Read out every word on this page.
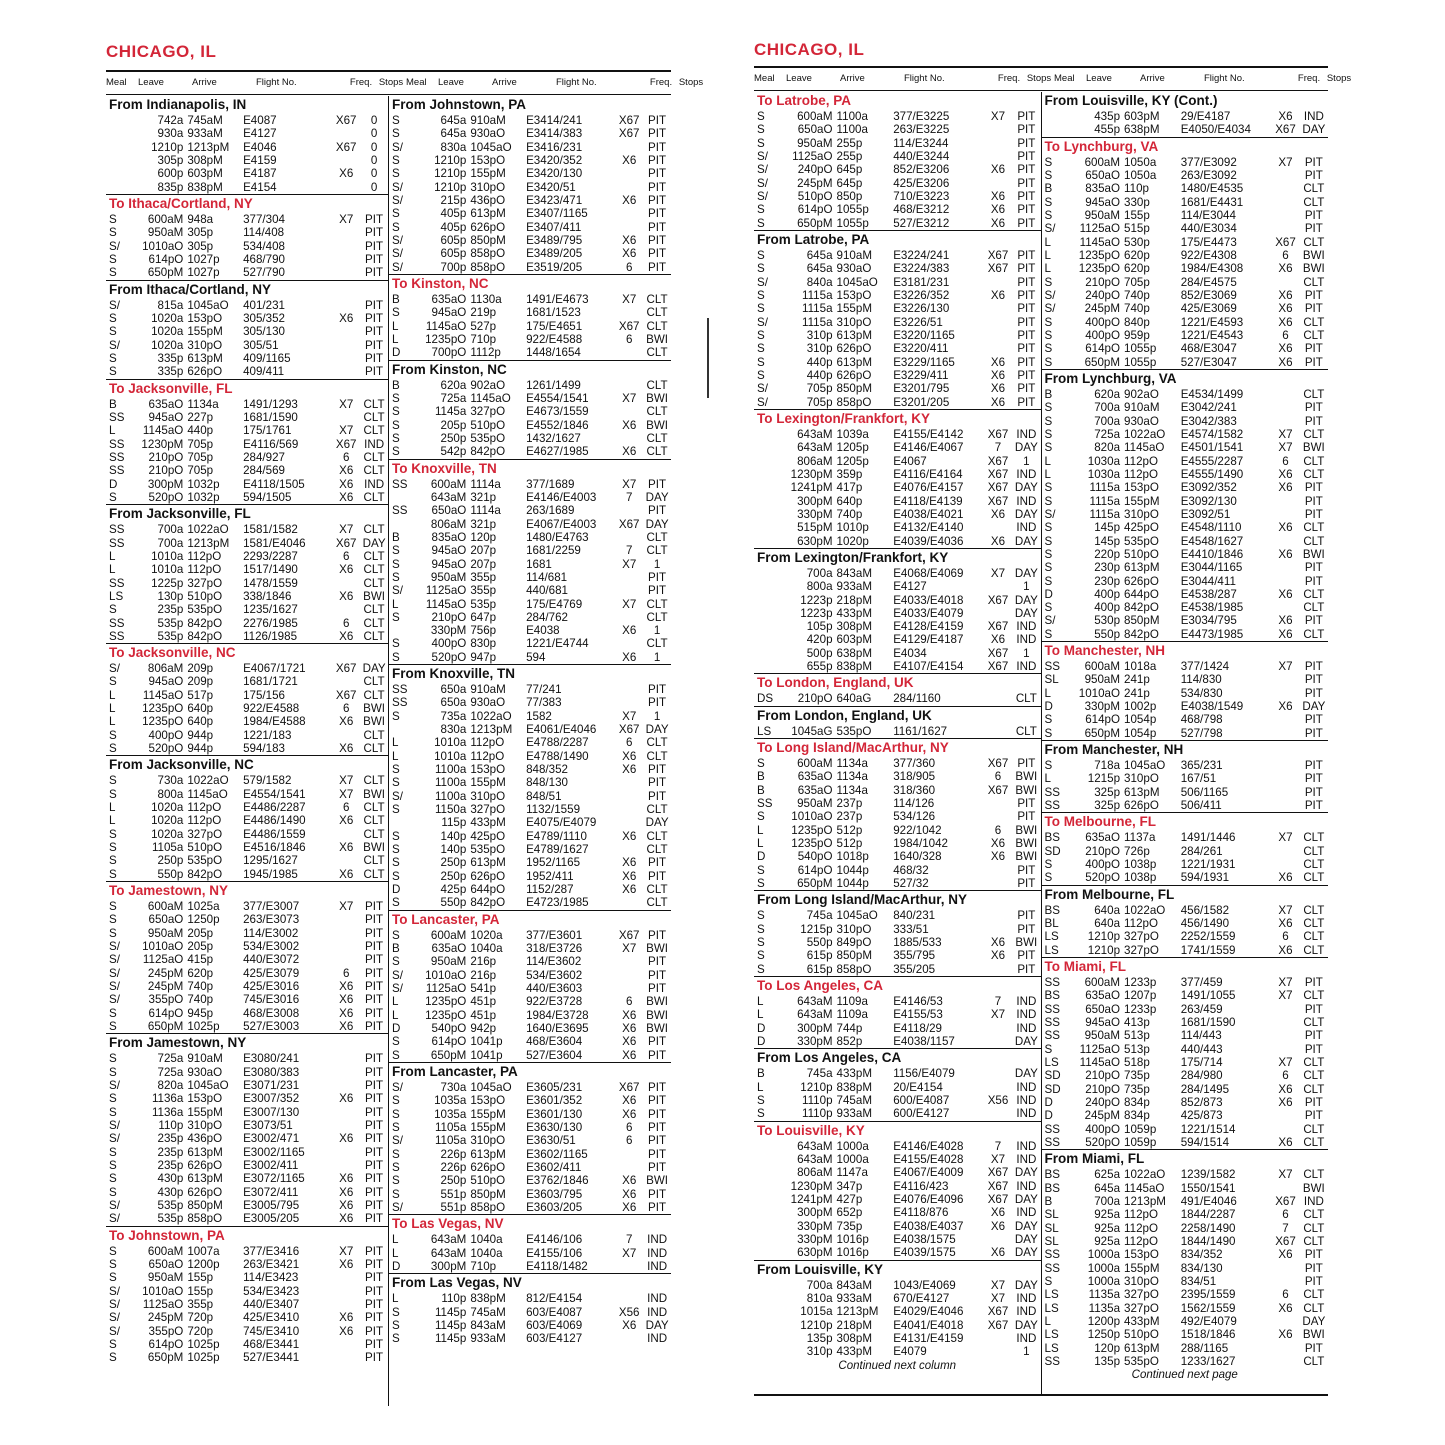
CHICAGO, IL
Meal	Leave	Arrive	Flight No.	Freq. Stops Meal	Leave	Arrive	Flight No.	Freq. Stops
From Indianapolis, IN
742a 745aM	E4087	X67	0
930a 933aM	E4127	0
1210p 1213pM	E4046	X67	0
305p 308pM	E4159	0
600p 603pM	E4187	X6	0
835p 838pM	E4154	0
To Ithaca/Cortland, NY
S	600aM 948a	377/304	X7	PIT
S	950aM 305p	114/408	PIT
S/	1010aO 305p	534/408	PIT
S	614pO 1027p	468/790	PIT
S	650pM 1027p	527/790	PIT
From Ithaca/Cortland, NY
S/	815a 1045aO	401/231	PIT
S	1020a 153pO	305/352	X6	PIT
S	1020a 155pM	305/130	PIT
S/	1020a 310pO	305/51	PIT
S	335p 613pM	409/1165	PIT
S	335p 626pO	409/411	PIT
To Jacksonville, FL
B	635aO 1134a	1491/1293	X7 CLT
SS	945aO 227p	1681/1590	CLT
L	1145aO 440p	175/1761	X7 CLT
SS	1230pM 705p	E4116/569	X67 IND
SS	210pO 705p	284/927	6	CLT
SS	210pO 705p	284/569	X6 CLT
D	300pM 1032p	E4118/1505	X6 IND
S	520pO 1032p	594/1505	X6 CLT
From Jacksonville, FL
SS	700a 1022aO	1581/1582	X7 CLT
SS	700a 1213pM	1581/E4046	X67 DAY
L	1010a 112pO	2293/2287	6	CLT
L	1010a 112pO	1517/1490	X6 CLT
SS	1225p 327pO	1478/1559	CLT
LS	130p 510pO	338/1846	X6 BWI
S	235p 535pO	1235/1627	CLT
SS	535p 842pO	2276/1985	6	CLT
SS	535p 842pO	1126/1985	X6 CLT
To Jacksonville, NC
S/	806aM 209p	E4067/1721	X67 DAY
S	945aO 209p	1681/1721	CLT
L	1145aO 517p	175/156	X67 CLT
L	1235pO 640p	922/E4588	6	BWI
L	1235pO 640p	1984/E4588	X6 BWI
S	400pO 944p	1221/183	CLT
S	520pO 944p	594/183	X6 CLT
From Jacksonville, NC
S	730a 1022aO	579/1582	X7 CLT
S	800a 1145aO	E4554/1541	X7 BWI
L	1020a 112pO	E4486/2287	6	CLT
L	1020a 112pO	E4486/1490	X6 CLT
S	1020a 327pO	E4486/1559	CLT
S	1105a 510pO	E4516/1846	X6 BWI
S	250p 535pO	1295/1627	CLT
S	550p 842pO	1945/1985	X6 CLT
To Jamestown, NY
S	600aM 1025a	377/E3007	X7	PIT
S	650aO 1250p	263/E3073	PIT
S	950aM 205p	114/E3002	PIT
S/	1010aO 205p	534/E3002	PIT
S/	1125aO 415p	440/E3072	PIT
S/	245pM 620p	425/E3079	6	PIT
S/	245pM 740p	425/E3016	X6	PIT
S/	355pO 740p	745/E3016	X6	PIT
S	614pO 945p	468/E3008	X6	PIT
S	650pM 1025p	527/E3003	X6	PIT
From Jamestown, NY
S	725a 910aM	E3080/241	PIT
S	725a 930aO	E3080/383	PIT
S/	820a 1045aO	E3071/231	PIT
S	1136a 153pO	E3007/352	X6	PIT
S	1136a 155pM	E3007/130	PIT
S/	110p 310pO	E3073/51	PIT
S/	235p 436pO	E3002/471	X6	PIT
S	235p 613pM	E3002/1165	PIT
S	235p 626pO	E3002/411	PIT
S	430p 613pM	E3072/1165	X6	PIT
S	430p 626pO	E3072/411	X6	PIT
S/	535p 850pM	E3005/795	X6	PIT
S/	535p 858pO	E3005/205	X6	PIT
To Johnstown, PA
S	600aM 1007a	377/E3416	X7	PIT
S	650aO 1200p	263/E3421	X6	PIT
S	950aM 155p	114/E3423	PIT
S/	1010aO 155p	534/E3423	PIT
S/	1125aO 355p	440/E3407	PIT
S/	245pM 720p	425/E3410	X6	PIT
S/	355pO 720p	745/E3410	X6	PIT
S	614pO 1025p	468/E3441	PIT
S	650pM 1025p	527/E3441	PIT
From Johnstown, PA
S	645a 910aM	E3414/241	X67 PIT
S	645a 930aO	E3414/383	X67 PIT
S/	830a 1045aO	E3416/231	PIT
S	1210p 153pO	E3420/352	X6	PIT
S	1210p 155pM	E3420/130	PIT
S/	1210p 310pO	E3420/51	PIT
S/	215p 436pO	E3423/471	X6	PIT
S	405p 613pM	E3407/1165	PIT
S	405p 626pO	E3407/411	PIT
S/	605p 850pM	E3489/795	X6	PIT
S/	605p 858pO	E3489/205	X6	PIT
S/	700p 858pO	E3519/205	6	PIT
To Kinston, NC
B	635aO 1130a	1491/E4673	X7 CLT
S	945aO 219p	1681/1523	CLT
L	1145aO 527p	175/E4651	X67 CLT
L	1235pO 710p	922/E4588	6	BWI
D	700pO 1112p	1448/1654	CLT
From Kinston, NC
B	620a 902aO	1261/1499	CLT
S	725a 1145aO	E4554/1541	X7 BWI
S	1145a 327pO	E4673/1559	CLT
S	205p 510pO	E4552/1846	X6 BWI
S	250p 535pO	1432/1627	CLT
S	542p 842pO	E4627/1985	X6 CLT
To Knoxville, TN
SS	600aM 1114a	377/1689	X7	PIT
643aM 321p	E4146/E4003	7	DAY
SS	650aO 1114a	263/1689	PIT
806aM 321p	E4067/E4003	X67 DAY
B	835aO 120p	1480/E4763	CLT
S	945aO 207p	1681/2259	7	CLT
S	945aO 207p	1681	X7	1
S	950aM 355p	114/681	PIT
S/	1125aO 355p	440/681	PIT
L	1145aO 535p	175/E4769	X7 CLT
S	210pO 647p	284/762	CLT
330pM 756p	E4038	X6	1
S	400pO 830p	1221/E4744	CLT
S	520pO 947p	594	X6	1
From Knoxville, TN
SS	650a 910aM	77/241	PIT
SS	650a 930aO	77/383	PIT
S	735a 1022aO	1582	X7	1
830a 1213pM	E4061/E4046	X67 DAY
L	1010a 112pO	E4788/2287	6	CLT
L	1010a 112pO	E4788/1490	X6 CLT
S	1100a 153pO	848/352	X6	PIT
S	1100a 155pM	848/130	PIT
S/	1100a 310pO	848/51	PIT
S	1150a 327pO	1132/1559	CLT
115p 433pM	E4075/E4079	DAY
S	140p 425pO	E4789/1110	X6 CLT
S	140p 535pO	E4789/1627	CLT
S	250p 613pM	1952/1165	X6	PIT
S	250p 626pO	1952/411	X6	PIT
D	425p 644pO	1152/287	X6 CLT
S	550p 842pO	E4723/1985	CLT
To Lancaster, PA
S	600aM 1020a	377/E3601	X67 PIT
B	635aO 1040a	318/E3726	X7 BWI
S	950aM 216p	114/E3602	PIT
S/	1010aO 216p	534/E3602	PIT
S/	1125aO 541p	440/E3603	PIT
L	1235pO 451p	922/E3728	6	BWI
L	1235pO 451p	1984/E3728	X6 BWI
D	540pO 942p	1640/E3695	X6 BWI
S	614pO 1041p	468/E3604	X6	PIT
S	650pM 1041p	527/E3604	X6	PIT
From Lancaster, PA
S/	730a 1045aO	E3605/231	X67 PIT
S	1035a 153pO	E3601/352	X6	PIT
S	1035a 155pM	E3601/130	X6	PIT
S	1105a 155pM	E3630/130	6	PIT
S/	1105a 310pO	E3630/51	6	PIT
S	226p 613pM	E3602/1165	PIT
S	226p 626pO	E3602/411	PIT
S	250p 510pO	E3762/1846	X6 BWI
S	551p 850pM	E3603/795	X6	PIT
S/	551p 858pO	E3603/205	X6	PIT
To Las Vegas, NV
L	643aM 1040a	E4146/106	7	IND
L	643aM 1040a	E4155/106	X7 IND
D	300pM 710p	E4118/1482	IND
From Las Vegas, NV
L	110p 838pM	812/E4154	IND
S	1145p 745aM	603/E4087	X56 IND
S	1145p 843aM	603/E4069	X6 DAY
S	1145p 933aM	603/E4127	IND
CHICAGO, IL
Meal	Leave	Arrive	Flight No.	Freq. Stops Meal	Leave	Arrive	Flight No.	Freq. Stops
To Latrobe, PA
S	600aM 1100a	377/E3225	X7	PIT
S	650aO 1100a	263/E3225	PIT
S	950aM 255p	114/E3244	PIT
S/	1125aO 255p	440/E3244	PIT
S/	240pO 645p	852/E3206	X6	PIT
S/	245pM 645p	425/E3206	PIT
S/	510pO 850p	710/E3223	X6	PIT
S	614pO 1055p	468/E3212	X6	PIT
S	650pM 1055p	527/E3212	X6	PIT
From Latrobe, PA
S	645a 910aM	E3224/241	X67 PIT
S	645a 930aO	E3224/383	X67 PIT
S/	840a 1045aO	E3181/231	PIT
S	1115a 153pO	E3226/352	X6	PIT
S	1115a 155pM	E3226/130	PIT
S/	1115a 310pO	E3226/51	PIT
S	310p 613pM	E3220/1165	PIT
S	310p 626pO	E3220/411	PIT
S	440p 613pM	E3229/1165	X6	PIT
S	440p 626pO	E3229/411	X6	PIT
S/	705p 850pM	E3201/795	X6	PIT
S/	705p 858pO	E3201/205	X6	PIT
To Lexington/Frankfort, KY
643aM 1039a	E4155/E4142	X67 IND
643aM 1205p	E4146/E4067	7	DAY
806aM 1205p	E4067	X67	1
1230pM 359p	E4116/E4164	X67 IND
1241pM 417p	E4076/E4157	X67 DAY
300pM 640p	E4118/E4139	X67 IND
330pM 740p	E4038/E4021	X6 DAY
515pM 1010p	E4132/E4140	IND
630pM 1020p	E4039/E4036	X6 DAY
From Lexington/Frankfort, KY
700a 843aM	E4068/E4069	X7 DAY
800a 933aM	E4127	1
1223p 218pM	E4033/E4018	X67 DAY
1223p 433pM	E4033/E4079	DAY
105p 308pM	E4128/E4159	X67 IND
420p 603pM	E4129/E4187	X6 IND
500p 638pM	E4034	X67	1
655p 838pM	E4107/E4154	X67 IND
To London, England, UK
DS	210pO 640aG	284/1160	CLT
From London, England, UK
LS	1045aG 535pO	1161/1627	CLT
To Long Island/MacArthur, NY
S	600aM 1134a	377/360	X67 PIT
B	635aO 1134a	318/905	6	BWI
B	635aO 1134a	318/360	X67 BWI
SS	950aM 237p	114/126	PIT
S	1010aO 237p	534/126	PIT
L	1235pO 512p	922/1042	6	BWI
L	1235pO 512p	1984/1042	X6 BWI
D	540pO 1018p	1640/328	X6 BWI
S	614pO 1044p	468/32	PIT
S	650pM 1044p	527/32	PIT
From Long Island/MacArthur, NY
S	745a 1045aO	840/231	PIT
S	1215p 310pO	333/51	PIT
S	550p 849pO	1885/533	X6 BWI
S	615p 850pM	355/795	X6	PIT
S	615p 858pO	355/205	PIT
To Los Angeles, CA
L	643aM 1109a	E4146/53	7	IND
L	643aM 1109a	E4155/53	X7 IND
D	300pM 744p	E4118/29	IND
D	330pM 852p	E4038/1157	DAY
From Los Angeles, CA
B	745a 433pM	1156/E4079	DAY
L	1210p 838pM	20/E4154	IND
S	1110p 745aM	600/E4087	X56 IND
S	1110p 933aM	600/E4127	IND
To Louisville, KY
643aM 1000a	E4146/E4028	7	IND
643aM 1000a	E4155/E4028	X7 IND
806aM 1147a	E4067/E4009	X67 DAY
1230pM 347p	E4116/423	X67 IND
1241pM 427p	E4076/E4096	X67 DAY
300pM 652p	E4118/876	X6 IND
330pM 735p	E4038/E4037	X6 DAY
330pM 1016p	E4038/1575	DAY
630pM 1016p	E4039/1575	X6 DAY
From Louisville, KY
700a 843aM	1043/E4069	X7 DAY
810a 933aM	670/E4127	X7 IND
1015a 1213pM	E4029/E4046	X67 IND
1210p 218pM	E4041/E4018	X67 DAY
135p 308pM	E4131/E4159	IND
310p 433pM	E4079	1
Continued next column
From Louisville, KY (Cont.)
435p 603pM	29/E4187	X6 IND
455p 638pM	E4050/E4034	X67 DAY
To Lynchburg, VA
S	600aM 1050a	377/E3092	X7	PIT
S	650aO 1050a	263/E3092	PIT
B	835aO 110p	1480/E4535	CLT
S	945aO 330p	1681/E4431	CLT
S	950aM 155p	114/E3044	PIT
S/	1125aO 515p	440/E3034	PIT
L	1145aO 530p	175/E4473	X67 CLT
L	1235pO 620p	922/E4308	6	BWI
L	1235pO 620p	1984/E4308	X6 BWI
S	210pO 705p	284/E4575	CLT
S/	240pO 740p	852/E3069	X6	PIT
S/	245pM 740p	425/E3069	X6	PIT
S	400pO 840p	1221/E4593	X6 CLT
S	400pO 959p	1221/E4543	6	CLT
S	614pO 1055p	468/E3047	X6	PIT
S	650pM 1055p	527/E3047	X6	PIT
From Lynchburg, VA
B	620a 902aO	E4534/1499	CLT
S	700a 910aM	E3042/241	PIT
S	700a 930aO	E3042/383	PIT
S	725a 1022aO	E4574/1582	X7 CLT
S	820a 1145aO	E4501/1541	X7 BWI
L	1030a 112pO	E4555/2287	6	CLT
L	1030a 112pO	E4555/1490	X6 CLT
S	1115a 153pO	E3092/352	X6	PIT
S	1115a 155pM	E3092/130	PIT
S/	1115a 310pO	E3092/51	PIT
S	145p 425pO	E4548/1110	X6 CLT
S	145p 535pO	E4548/1627	CLT
S	220p 510pO	E4410/1846	X6 BWI
S	230p 613pM	E3044/1165	PIT
S	230p 626pO	E3044/411	PIT
D	400p 644pO	E4538/287	X6 CLT
S	400p 842pO	E4538/1985	CLT
S/	530p 850pM	E3034/795	X6	PIT
S	550p 842pO	E4473/1985	X6 CLT
To Manchester, NH
SS	600aM 1018a	377/1424	X7	PIT
SL	950aM 241p	114/830	PIT
L	1010aO 241p	534/830	PIT
D	330pM 1002p	E4038/1549	X6 DAY
S	614pO 1054p	468/798	PIT
S	650pM 1054p	527/798	PIT
From Manchester, NH
S	718a 1045aO	365/231	PIT
L	1215p 310pO	167/51	PIT
SS	325p 613pM	506/1165	PIT
SS	325p 626pO	506/411	PIT
To Melbourne, FL
BS	635aO 1137a	1491/1446	X7 CLT
SD	210pO 726p	284/261	CLT
S	400pO 1038p	1221/1931	CLT
S	520pO 1038p	594/1931	X6 CLT
From Melbourne, FL
BS	640a 1022aO	456/1582	X7 CLT
BL	640a 112pO	456/1490	X6 CLT
LS	1210p 327pO	2252/1559	6	CLT
LS	1210p 327pO	1741/1559	X6 CLT
To Miami, FL
SS	600aM 1233p	377/459	X7	PIT
BS	635aO 1207p	1491/1055	X7 CLT
SS	650aO 1233p	263/459	PIT
SS	945aO 413p	1681/1590	CLT
SS	950aM 513p	114/443	PIT
S	1125aO 513p	440/443	PIT
LS	1145aO 518p	175/714	X7 CLT
SD	210pO 735p	284/980	6	CLT
SD	210pO 735p	284/1495	X6 CLT
D	240pO 834p	852/873	X6	PIT
D	245pM 834p	425/873	PIT
SS	400pO 1059p	1221/1514	CLT
SS	520pO 1059p	594/1514	X6 CLT
From Miami, FL
BS	625a 1022aO	1239/1582	X7 CLT
BS	645a 1145aO	1550/1541	BWI
B	700a 1213pM	491/E4046	X67 IND
SL	925a 112pO	1844/2287	6	CLT
SL	925a 112pO	2258/1490	7	CLT
SL	925a 112pO	1844/1490	X67 CLT
SS	1000a 153pO	834/352	X6	PIT
SS	1000a 155pM	834/130	PIT
S	1000a 310pO	834/51	PIT
LS	1135a 327pO	2395/1559	6	CLT
LS	1135a 327pO	1562/1559	X6 CLT
L	1200p 433pM	492/E4079	DAY
LS	1250p 510pO	1518/1846	X6 BWI
LS	120p 613pM	288/1165	PIT
SS	135p 535pO	1233/1627	CLT
Continued next page
